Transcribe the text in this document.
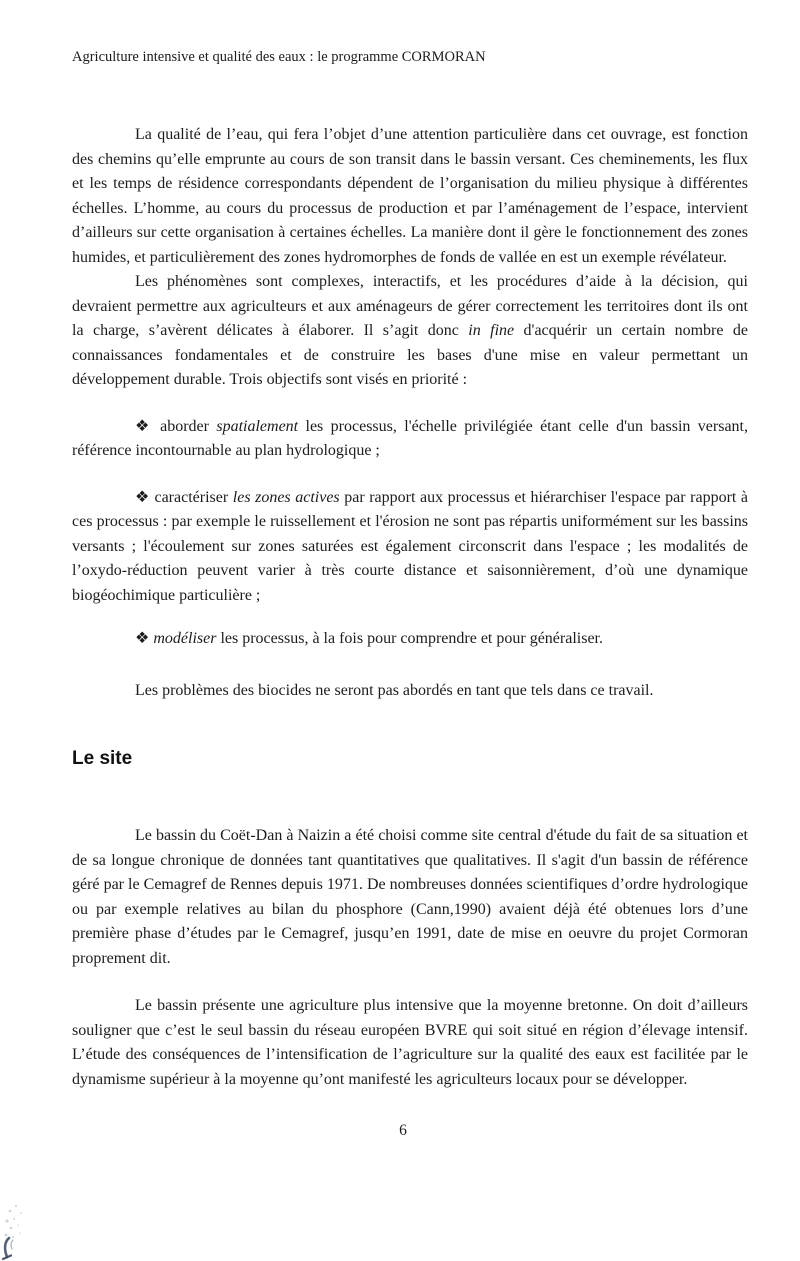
Agriculture intensive et qualité des eaux : le programme CORMORAN

La qualité de l’eau, qui fera l’objet d’une attention particulière dans cet ouvrage, est fonction des chemins qu’elle emprunte au cours de son transit dans le bassin versant. Ces cheminements, les flux et les temps de résidence correspondants dépendent de l’organisation du milieu physique à différentes échelles. L’homme, au cours du processus de production et par l’aménagement de l’espace, intervient d’ailleurs sur cette organisation à certaines échelles. La manière dont il gère le fonctionnement des zones humides, et particulièrement des zones hydromorphes de fonds de vallée en est un exemple révélateur.

Les phénomènes sont complexes, interactifs, et les procédures d’aide à la décision, qui devraient permettre aux agriculteurs et aux aménageurs de gérer correctement les territoires dont ils ont la charge, s’avèrent délicates à élaborer. Il s’agit donc in fine d'acquérir un certain nombre de connaissances fondamentales et de construire les bases d'une mise en valeur permettant un développement durable. Trois objectifs sont visés en priorité :

❖ aborder spatialement les processus, l'échelle privilégiée étant celle d'un bassin versant, référence incontournable au plan hydrologique ;

❖ caractériser les zones actives par rapport aux processus et hiérarchiser l'espace par rapport à ces processus : par exemple le ruissellement et l'érosion ne sont pas répartis uniformément sur les bassins versants ; l'écoulement sur zones saturées est également circonscrit dans l'espace ; les modalités de l’oxydo-réduction peuvent varier à très courte distance et saisonnièrement, d’où une dynamique biogéochimique particulière ;

❖ modéliser les processus, à la fois pour comprendre et pour généraliser.

Les problèmes des biocides ne seront pas abordés en tant que tels dans ce travail.

Le site

Le bassin du Coët-Dan à Naizin a été choisi comme site central d'étude du fait de sa situation et de sa longue chronique de données tant quantitatives que qualitatives. Il s'agit d'un bassin de référence géré par le Cemagref de Rennes depuis 1971. De nombreuses données scientifiques d’ordre hydrologique ou par exemple relatives au bilan du phosphore (Cann,1990) avaient déjà été obtenues lors d’une première phase d’études par le Cemagref, jusqu’en 1991, date de mise en oeuvre du projet Cormoran proprement dit.

Le bassin présente une agriculture plus intensive que la moyenne bretonne. On doit d’ailleurs souligner que c’est le seul bassin du réseau européen BVRE qui soit situé en région d’élevage intensif. L’étude des conséquences de l’intensification de l’agriculture sur la qualité des eaux est facilitée par le dynamisme supérieur à la moyenne qu’ont manifesté les agriculteurs locaux pour se développer.

6
